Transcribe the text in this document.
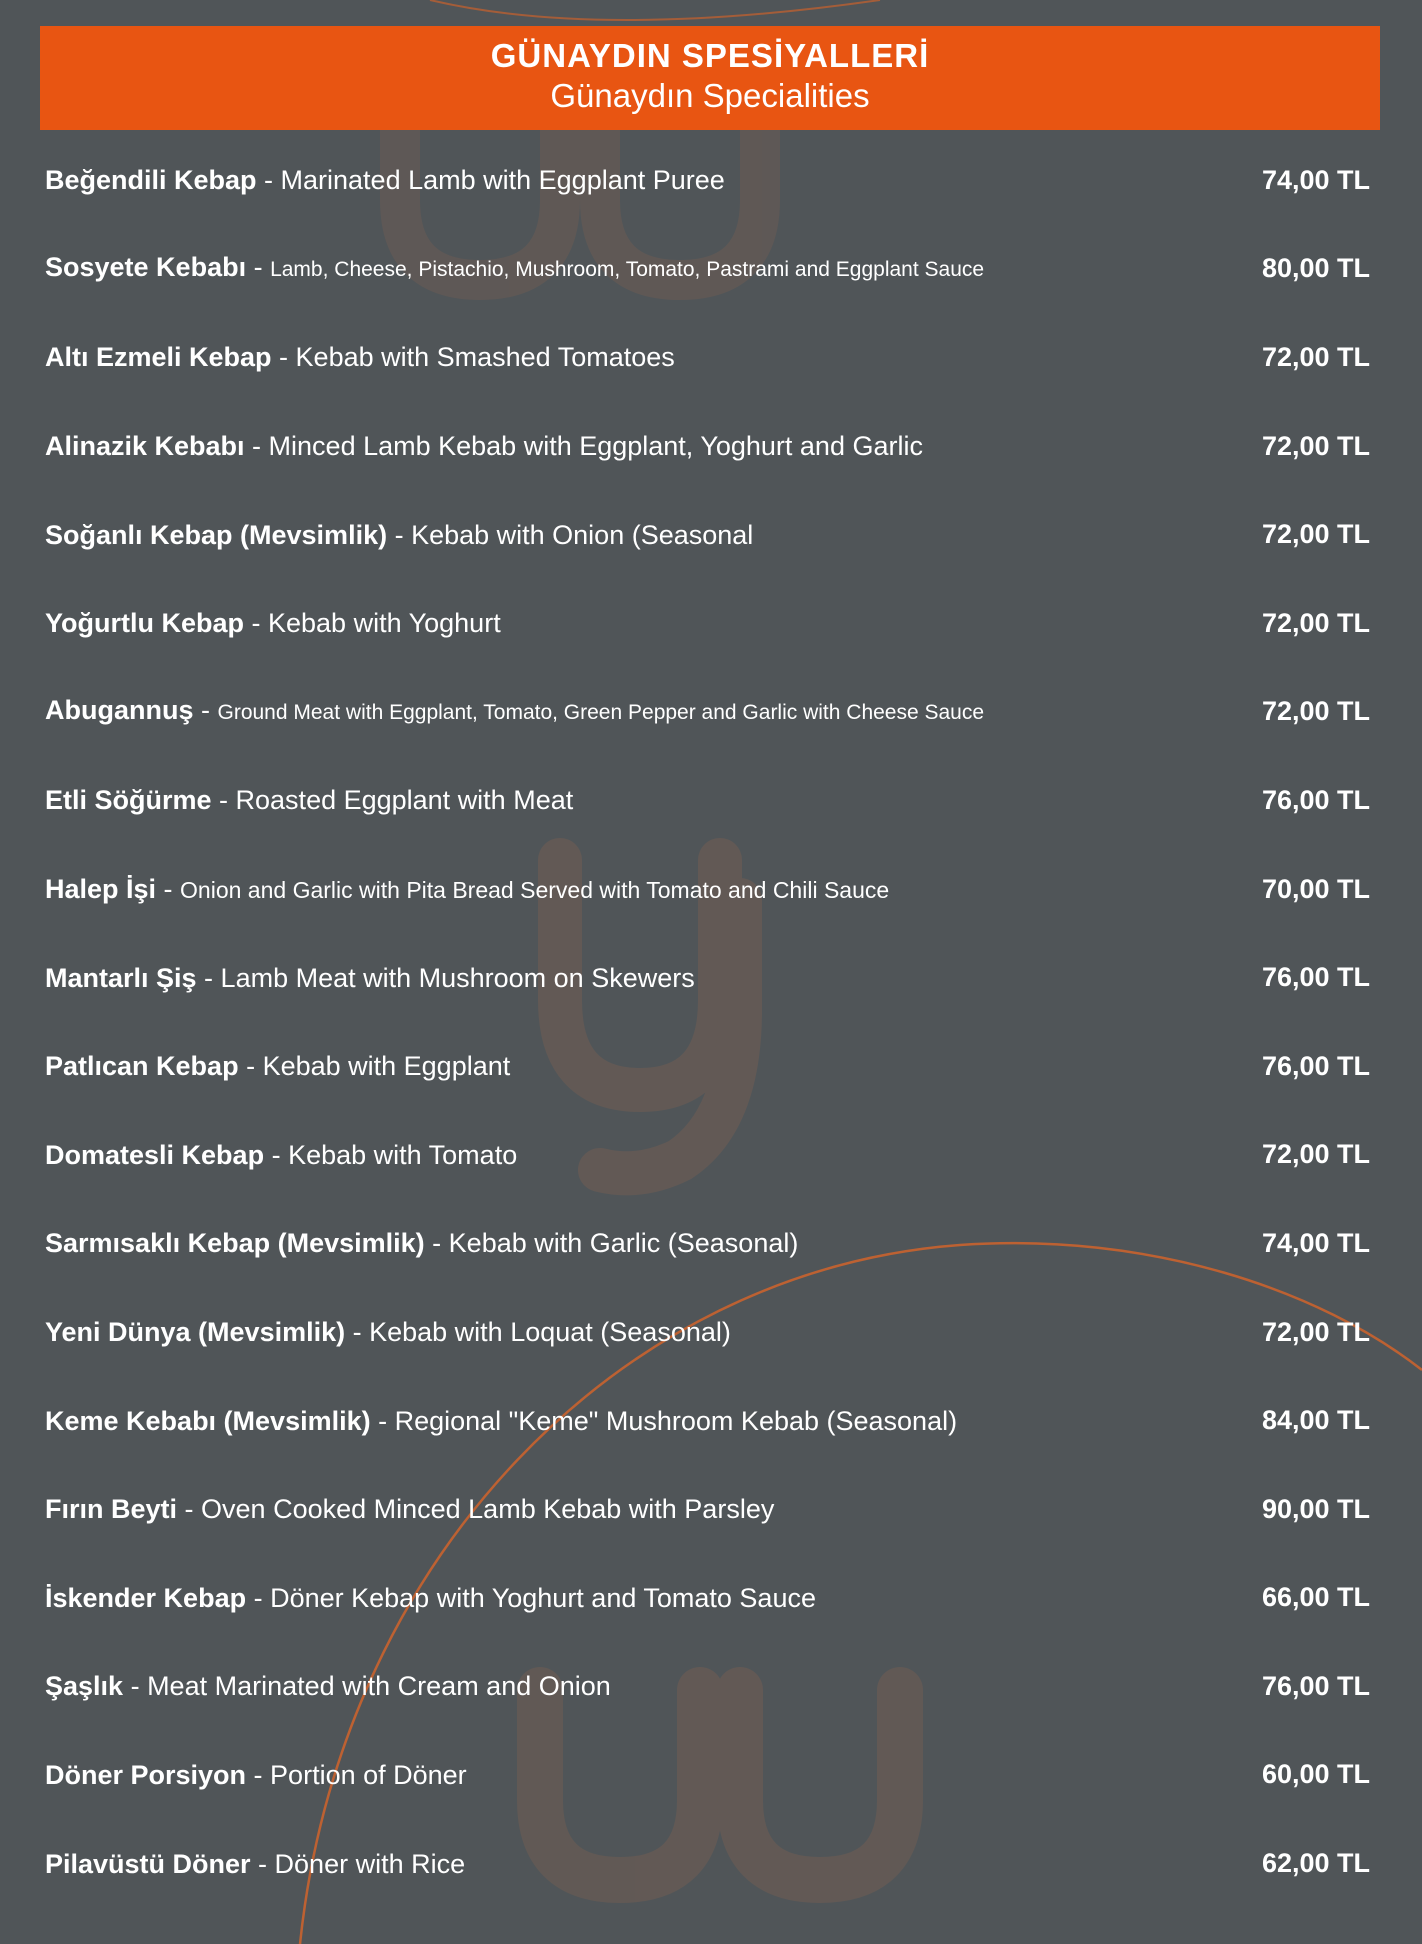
GÜNAYDIN SPESİYALLERİ
Günaydın Specialities
Beğendili Kebap - Marinated Lamb with Eggplant Puree	74,00 TL
Sosyete Kebabı - Lamb, Cheese, Pistachio, Mushroom, Tomato, Pastrami and Eggplant Sauce	80,00 TL
Altı Ezmeli Kebap - Kebab with Smashed Tomatoes	72,00 TL
Alinazik Kebabı - Minced Lamb Kebab with Eggplant, Yoghurt and Garlic	72,00 TL
Soğanlı Kebap (Mevsimlik) - Kebab with Onion (Seasonal	72,00 TL
Yoğurtlu Kebap - Kebab with Yoghurt	72,00 TL
Abugannuş - Ground Meat with Eggplant, Tomato, Green Pepper and Garlic with Cheese Sauce	72,00 TL
Etli Söğürme - Roasted Eggplant with Meat	76,00 TL
Halep İşi - Onion and Garlic with Pita Bread Served with Tomato and Chili Sauce	70,00 TL
Mantarlı Şiş - Lamb Meat with Mushroom on Skewers	76,00 TL
Patlıcan Kebap - Kebab with Eggplant	76,00 TL
Domatesli Kebap - Kebab with Tomato	72,00 TL
Sarmısaklı Kebap (Mevsimlik) - Kebab with Garlic (Seasonal)	74,00 TL
Yeni Dünya (Mevsimlik) - Kebab with Loquat (Seasonal)	72,00 TL
Keme Kebabı (Mevsimlik) - Regional "Keme" Mushroom Kebab (Seasonal)	84,00 TL
Fırın Beyti - Oven Cooked Minced Lamb Kebab with Parsley	90,00 TL
İskender Kebap - Döner Kebap with Yoghurt and Tomato Sauce	66,00 TL
Şaşlık - Meat Marinated with Cream and Onion	76,00 TL
Döner Porsiyon - Portion of Döner	60,00 TL
Pilavüstü Döner - Döner with Rice	62,00 TL
